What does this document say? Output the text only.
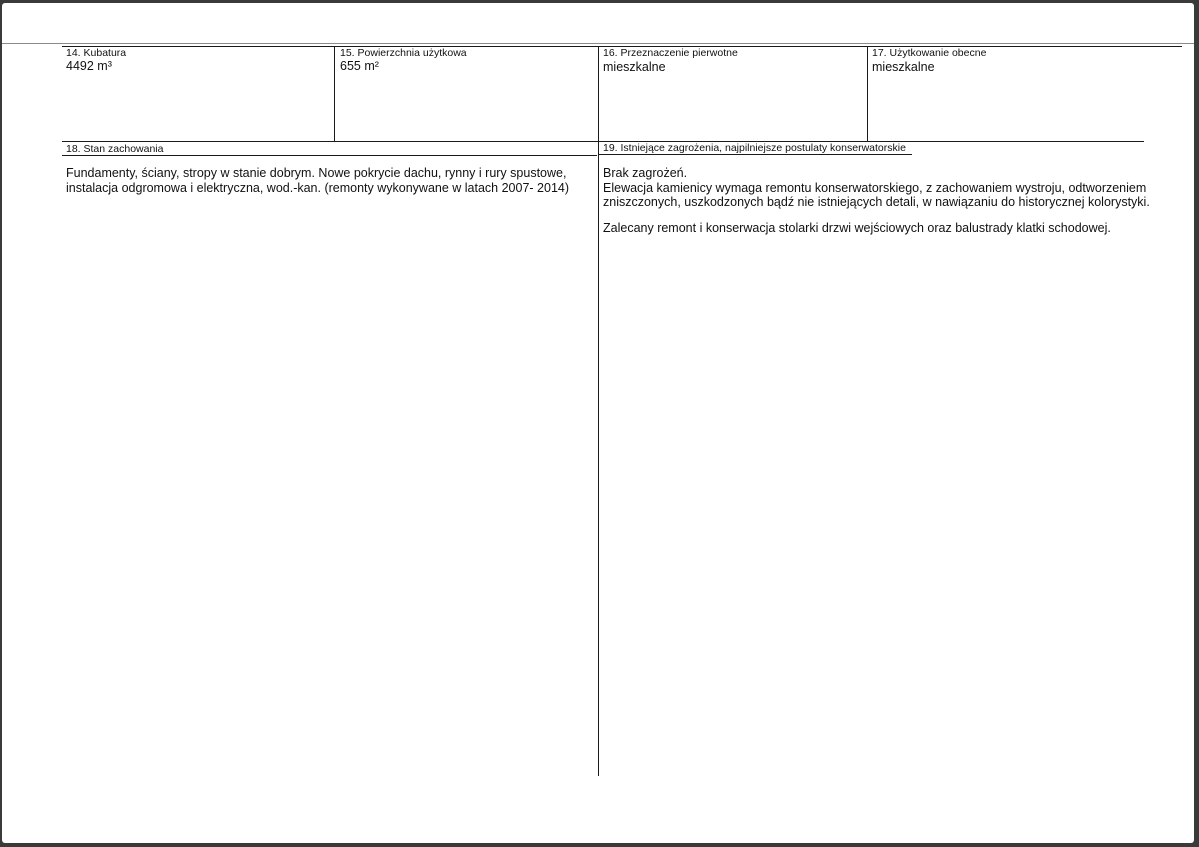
14. Kubatura
4492 m³
15. Powierzchnia użytkowa
655 m²
16. Przeznaczenie pierwotne
mieszkalne
17. Użytkowanie obecne
mieszkalne
18. Stan zachowania
Fundamenty, ściany, stropy w stanie dobrym. Nowe pokrycie dachu, rynny i rury spustowe,
instalacja odgromowa i elektryczna, wod.-kan. (remonty wykonywane w latach 2007- 2014)
19. Istniejące zagrożenia, najpilniejsze postulaty konserwatorskie
Brak zagrożeń.
Elewacja kamienicy wymaga remontu konserwatorskiego, z zachowaniem wystroju, odtworzeniem
zniszczonych, uszkodzonych bądź nie istniejących detali, w nawiązaniu do historycznej kolorystyki.
Zalecany remont i konserwacja stolarki drzwi wejściowych oraz balustrady klatki schodowej.
